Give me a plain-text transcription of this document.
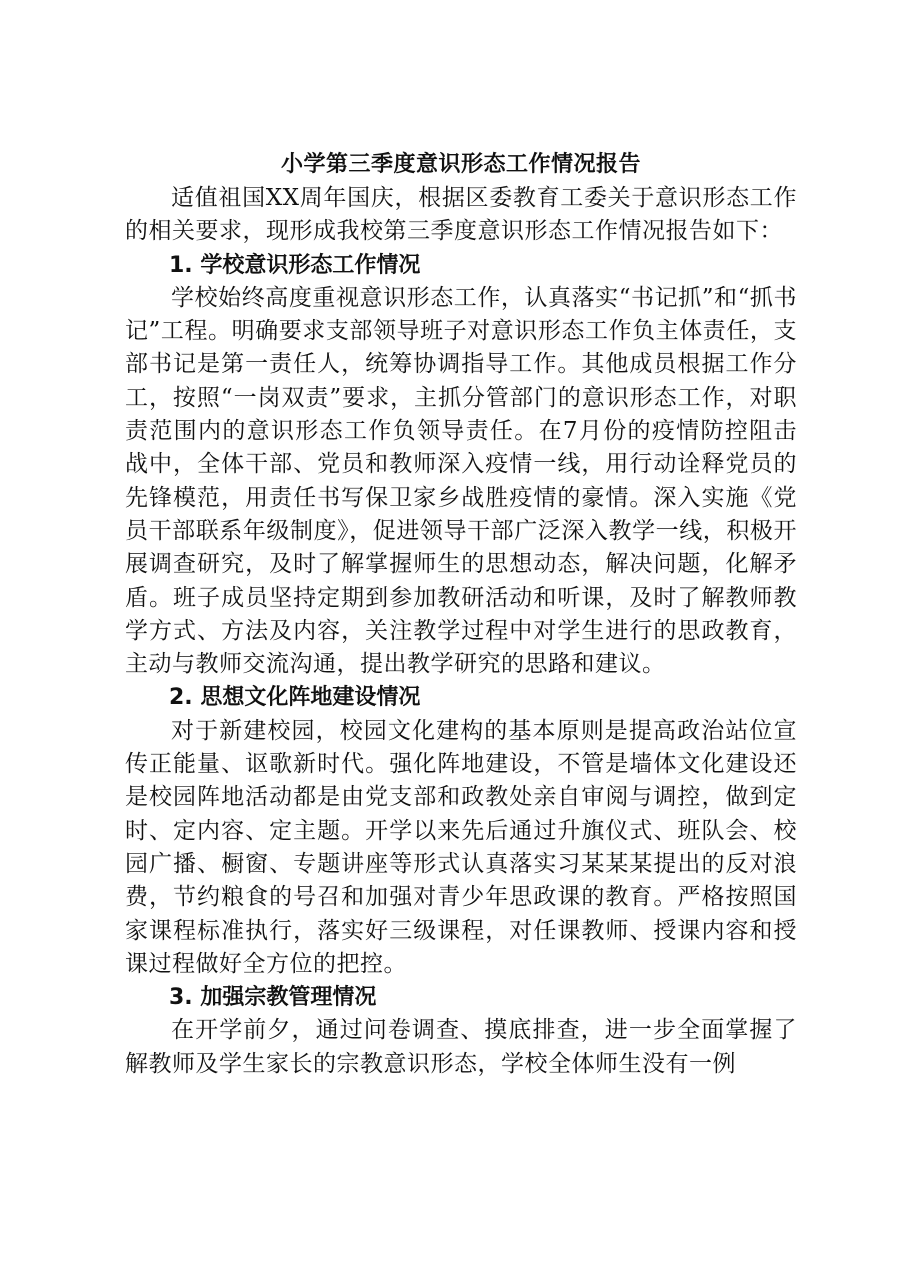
小学第三季度意识形态工作情况报告

适值祖国XX周年国庆，根据区委教育工委关于意识形态工作的相关要求，现形成我校第三季度意识形态工作情况报告如下：

1. 学校意识形态工作情况

学校始终高度重视意识形态工作，认真落实“书记抓”和“抓书记”工程。明确要求支部领导班子对意识形态工作负主体责任，支部书记是第一责任人，统筹协调指导工作。其他成员根据工作分工，按照“一岗双责”要求，主抓分管部门的意识形态工作，对职责范围内的意识形态工作负领导责任。在7月份的疫情防控阻击战中，全体干部、党员和教师深入疫情一线，用行动诠释党员的先锋模范，用责任书写保卫家乡战胜疫情的豪情。深入实施《党员干部联系年级制度》，促进领导干部广泛深入教学一线，积极开展调查研究，及时了解掌握师生的思想动态，解决问题，化解矛盾。班子成员坚持定期到参加教研活动和听课，及时了解教师教学方式、方法及内容，关注教学过程中对学生进行的思政教育，主动与教师交流沟通，提出教学研究的思路和建议。

2. 思想文化阵地建设情况

对于新建校园，校园文化建构的基本原则是提高政治站位宣传正能量、讴歌新时代。强化阵地建设，不管是墙体文化建设还是校园阵地活动都是由党支部和政教处亲自审阅与调控，做到定时、定内容、定主题。开学以来先后通过升旗仪式、班队会、校园广播、橱窗、专题讲座等形式认真落实习某某某提出的反对浪费，节约粮食的号召和加强对青少年思政课的教育。严格按照国家课程标准执行，落实好三级课程，对任课教师、授课内容和授课过程做好全方位的把控。

3. 加强宗教管理情况

在开学前夕，通过问卷调查、摸底排查，进一步全面掌握了解教师及学生家长的宗教意识形态，学校全体师生没有一例
